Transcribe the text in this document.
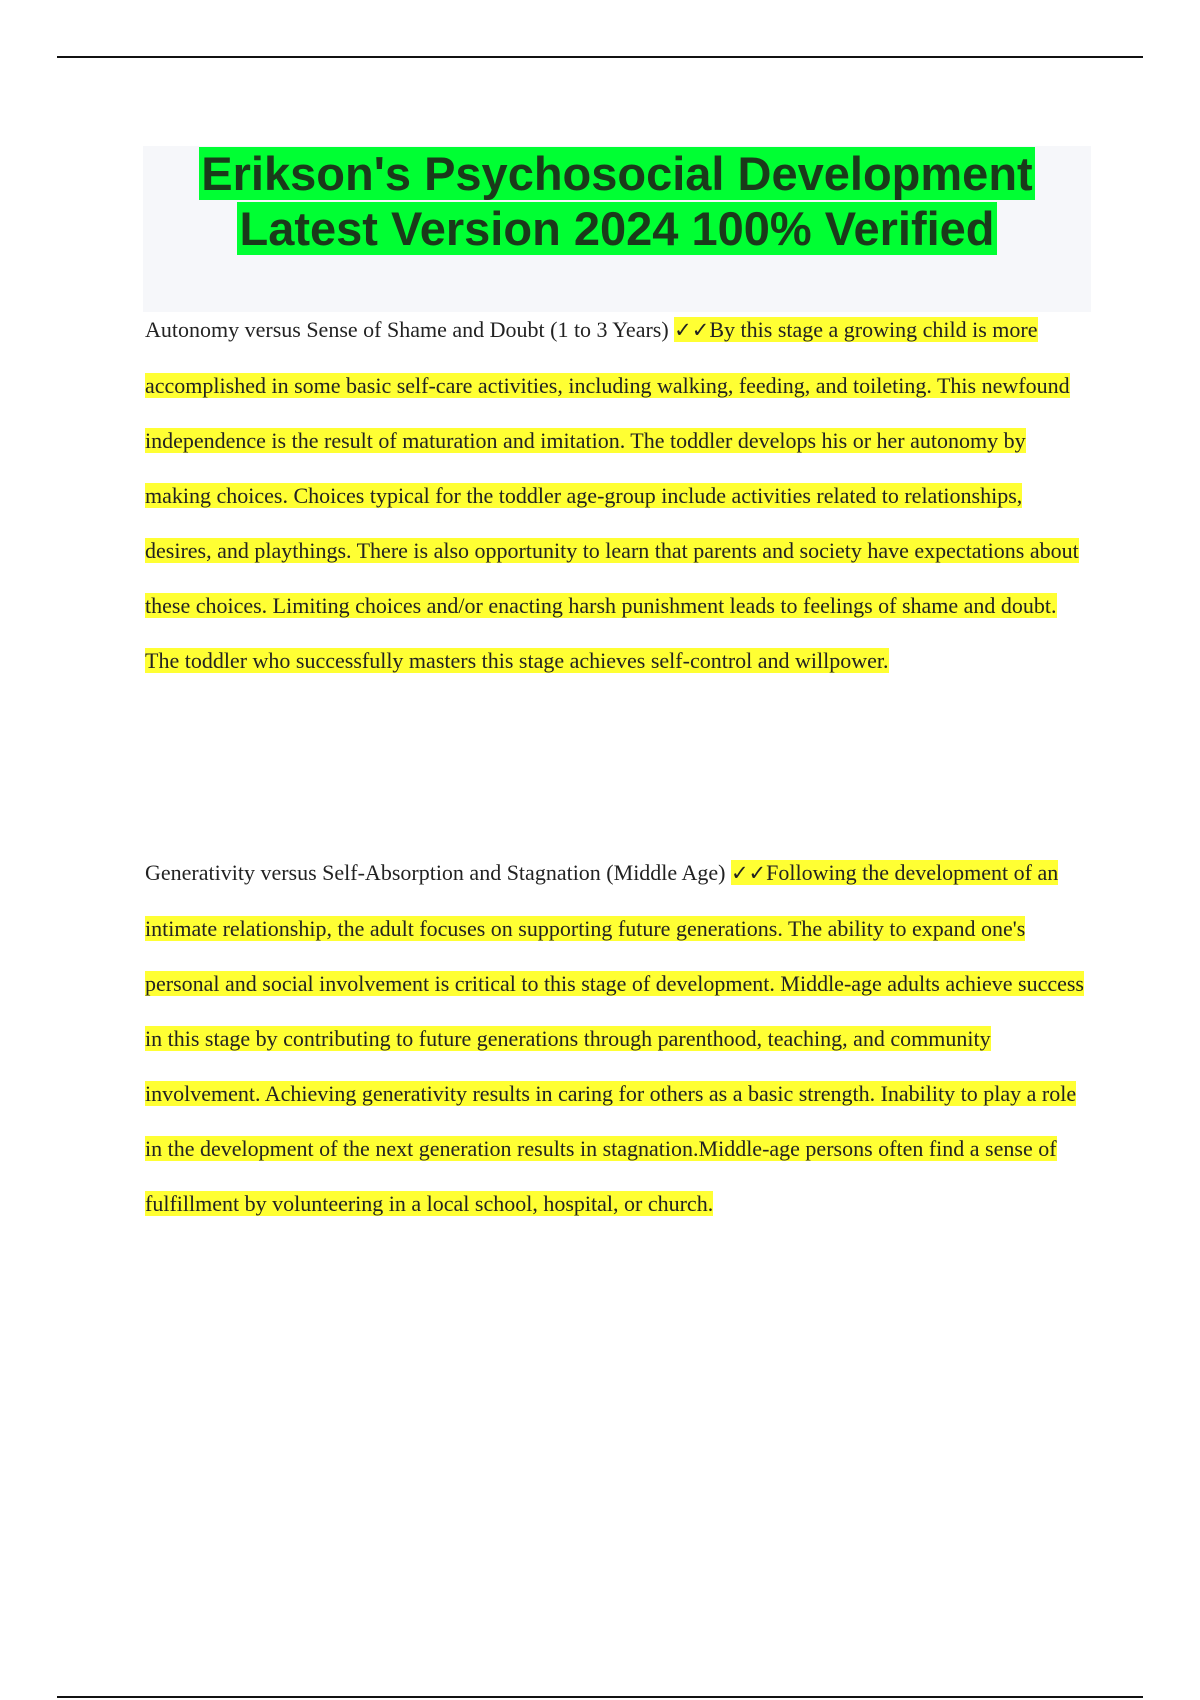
Erikson's Psychosocial Development
Latest Version 2024 100% Verified

Autonomy versus Sense of Shame and Doubt (1 to 3 Years) ✓✓By this stage a growing child is more accomplished in some basic self-care activities, including walking, feeding, and toileting. This newfound independence is the result of maturation and imitation. The toddler develops his or her autonomy by making choices. Choices typical for the toddler age-group include activities related to relationships, desires, and playthings. There is also opportunity to learn that parents and society have expectations about these choices. Limiting choices and/or enacting harsh punishment leads to feelings of shame and doubt. The toddler who successfully masters this stage achieves self-control and willpower.

Generativity versus Self-Absorption and Stagnation (Middle Age) ✓✓Following the development of an intimate relationship, the adult focuses on supporting future generations. The ability to expand one's personal and social involvement is critical to this stage of development. Middle-age adults achieve success in this stage by contributing to future generations through parenthood, teaching, and community involvement. Achieving generativity results in caring for others as a basic strength. Inability to play a role in the development of the next generation results in stagnation.Middle-age persons often find a sense of fulfillment by volunteering in a local school, hospital, or church.
